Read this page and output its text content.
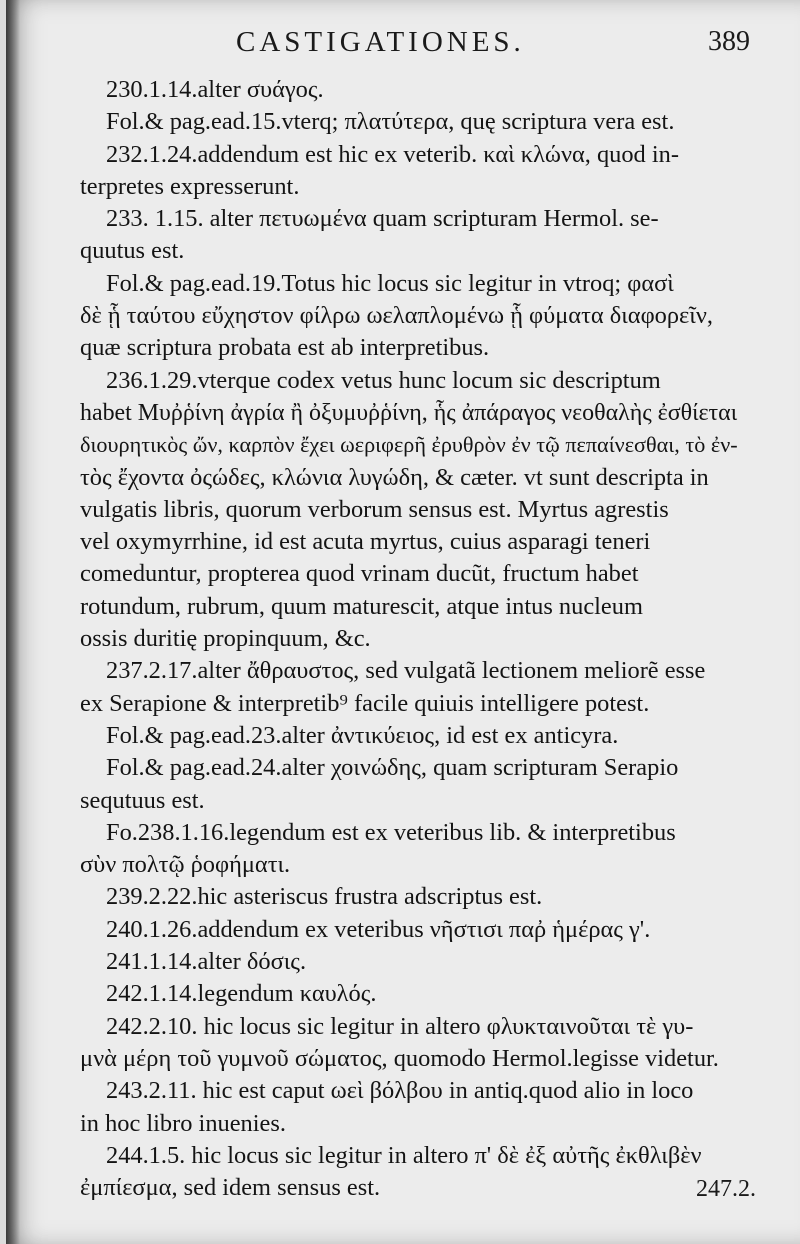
CASTIGATIONES.	389
230.1.14.alter συάγος.
Fol.& pag.ead.15.vterq; πλατύτερα, quę scriptura vera est.
232.1.24.addendum est hic ex veterib. καὶ κλώνα, quod in-
terpretes expresserunt.
233. 1.15. alter πετυωμένα quam scripturam Hermol. se-
quutus est.
Fol.& pag.ead.19.Totus hic locus sic legitur in vtroq; φασὶ
δὲ ᾗ ταύτου εὔχηστον φίλρω ωελαπλομένω ᾗ φύματα διαφορεῖν,
quæ scriptura probata est ab interpretibus.
236.1.29.vterque codex vetus hunc locum sic descriptum
habet Μυῤῥίνη ἀγρία ἢ ὀξυμυῤῥίνη, ἧς ἀπάραγος νεοθαλὴς ἐσθίεται
διουρητικὸς ὤν, καρπὸν ἔχει ωεριφερῆ ἐρυθρὸν ἐν τῷ πεπαίνεσθαι, τὸ ἐν-
τὸς ἔχοντα ὀςώδες, κλώνια λυγώδη, & cæter. vt sunt descripta in
vulgatis libris, quorum verborum sensus est. Myrtus agrestis
vel oxymyrrhine, id est acuta myrtus, cuius asparagi teneri
comeduntur, propterea quod vrinam ducũt, fructum habet
rotundum, rubrum, quum maturescit, atque intus nucleum
ossis duritię propinquum, &c.
237.2.17.alter ἄθραυστος, sed vulgatã lectionem meliorẽ esse
ex Serapione & interpretib⁹ facile quiuis intelligere potest.
Fol.& pag.ead.23.alter ἀντικύειος, id est ex anticyra.
Fol.& pag.ead.24.alter χοινώδης, quam scripturam Serapio
sequtuus est.
Fo.238.1.16.legendum est ex veteribus lib. & interpretibus
σὺν πολτῷ ῥοφήματι.
239.2.22.hic asteriscus frustra adscriptus est.
240.1.26.addendum ex veteribus νῆστισι παῤ ἡμέρας γ'.
241.1.14.alter δόσις.
242.1.14.legendum καυλός.
242.2.10. hic locus sic legitur in altero φλυκταινοῦται τὲ γυ-
μνὰ μέρη τοῦ γυμνοῦ σώματος, quomodo Hermol.legisse videtur.
243.2.11. hic est caput ωεὶ βόλβου in antiq.quod alio in loco
in hoc libro inuenies.
244.1.5. hic locus sic legitur in altero π' δὲ ἐξ αὐτῆς ἐκθλιβὲν
ἐμπίεσμα, sed idem sensus est.	247.2.
